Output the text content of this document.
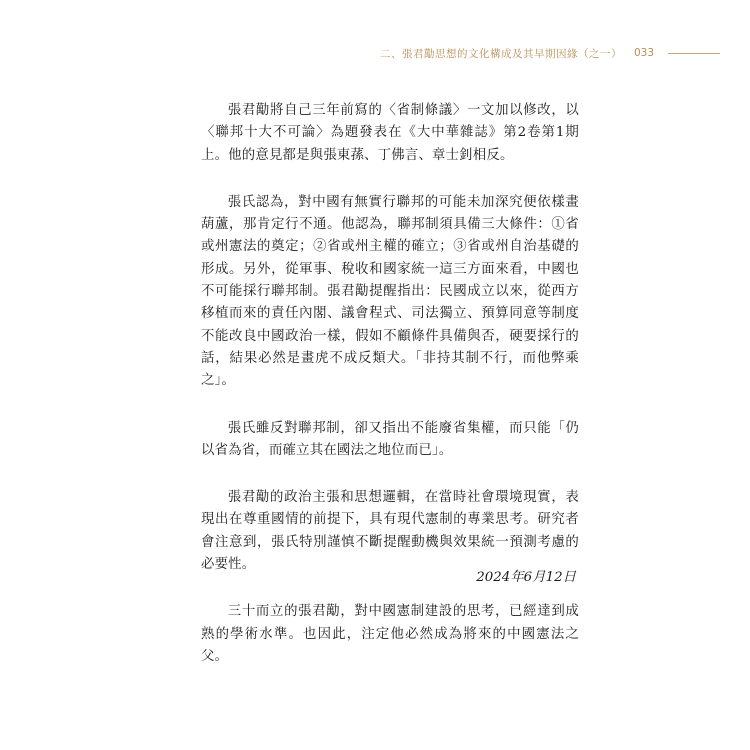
二、張君勱思想的文化構成及其早期因緣（之一） 033

張君勱將自己三年前寫的〈省制條議〉一文加以修改，以〈聯邦十大不可論〉為題發表在《大中華雜誌》第2卷第1期上。他的意見都是與張東蓀、丁佛言、章士釗相反。

張氏認為，對中國有無實行聯邦的可能未加深究便依樣畫葫蘆，那肯定行不通。他認為，聯邦制須具備三大條件：①省或州憲法的奠定；②省或州主權的確立；③省或州自治基礎的形成。另外，從軍事、稅收和國家統一這三方面來看，中國也不可能採行聯邦制。張君勱提醒指出：民國成立以來，從西方移植而來的責任內閣、議會程式、司法獨立、預算同意等制度不能改良中國政治一樣，假如不顧條件具備與否，硬要採行的話，結果必然是畫虎不成反類犬。「非持其制不行，而他弊乘之」。

張氏雖反對聯邦制，卻又指出不能廢省集權，而只能「仍以省為省，而確立其在國法之地位而已」。

張君勱的政治主張和思想邏輯，在當時社會環境現實，表現出在尊重國情的前提下，具有現代憲制的專業思考。研究者會注意到，張氏特別謹慎不斷提醒動機與效果統一預測考慮的必要性。

三十而立的張君勱，對中國憲制建設的思考，已經達到成熟的學術水準。也因此，注定他必然成為將來的中國憲法之父。

2024年6月12日
